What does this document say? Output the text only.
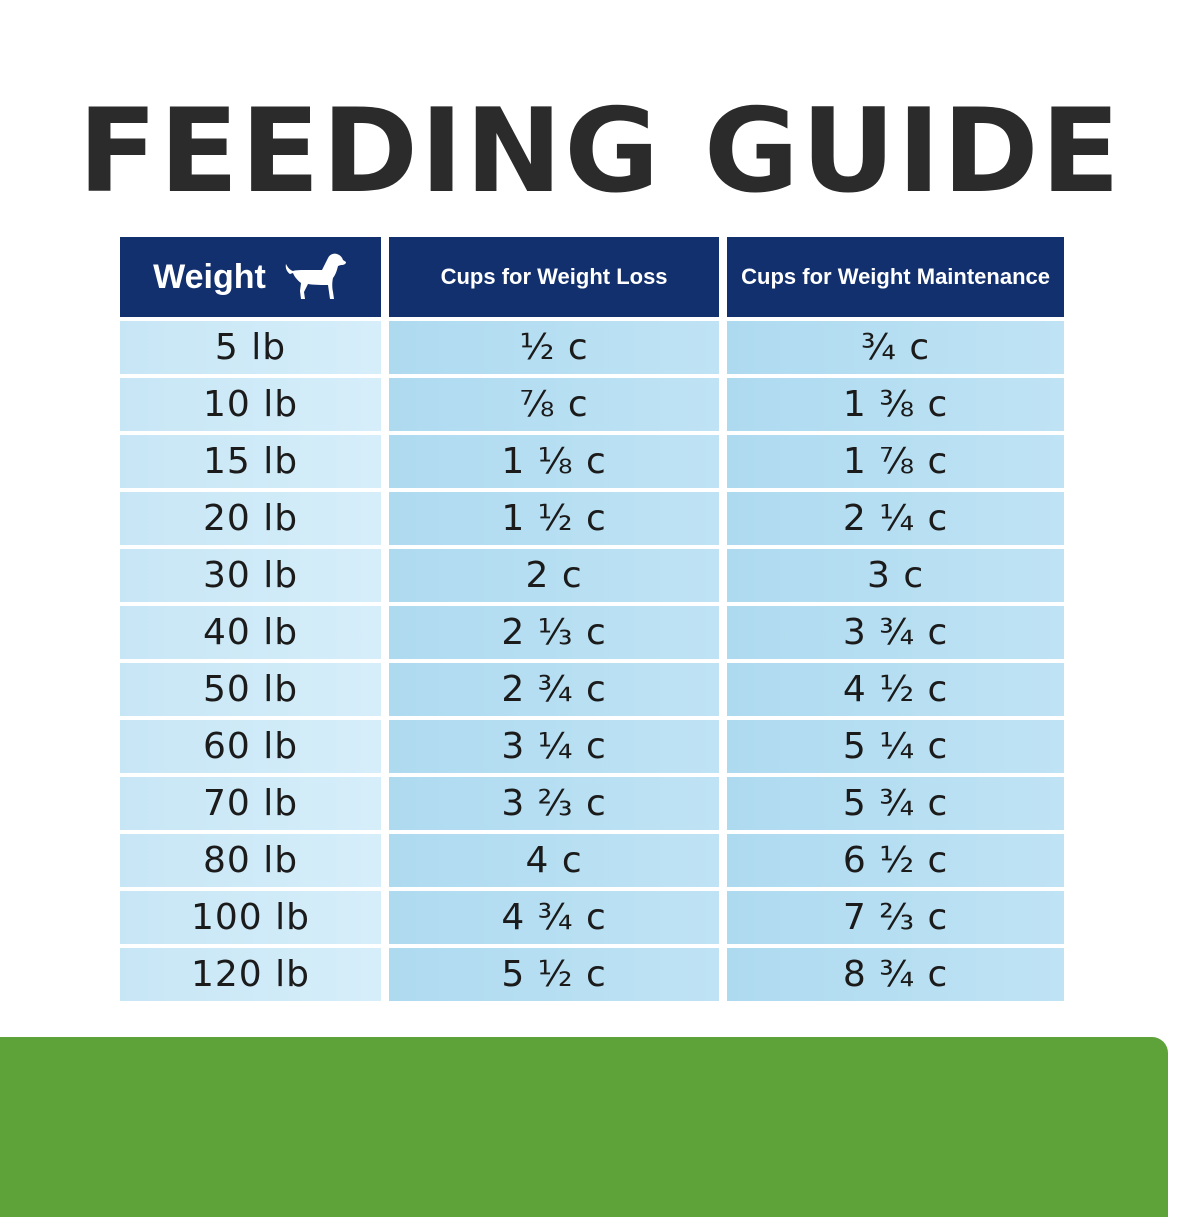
FEEDING GUIDE
Weight	Cups for Weight Loss	Cups for Weight Maintenance
5 lb	½ c	¾ c
10 lb	⅞ c	1 ⅜ c
15 lb	1 ⅛ c	1 ⅞ c
20 lb	1 ½ c	2 ¼ c
30 lb	2 c	3 c
40 lb	2 ⅓ c	3 ¾ c
50 lb	2 ¾ c	4 ½ c
60 lb	3 ¼ c	5 ¼ c
70 lb	3 ⅔ c	5 ¾ c
80 lb	4 c	6 ½ c
100 lb	4 ¾ c	7 ⅔ c
120 lb	5 ½ c	8 ¾ c
